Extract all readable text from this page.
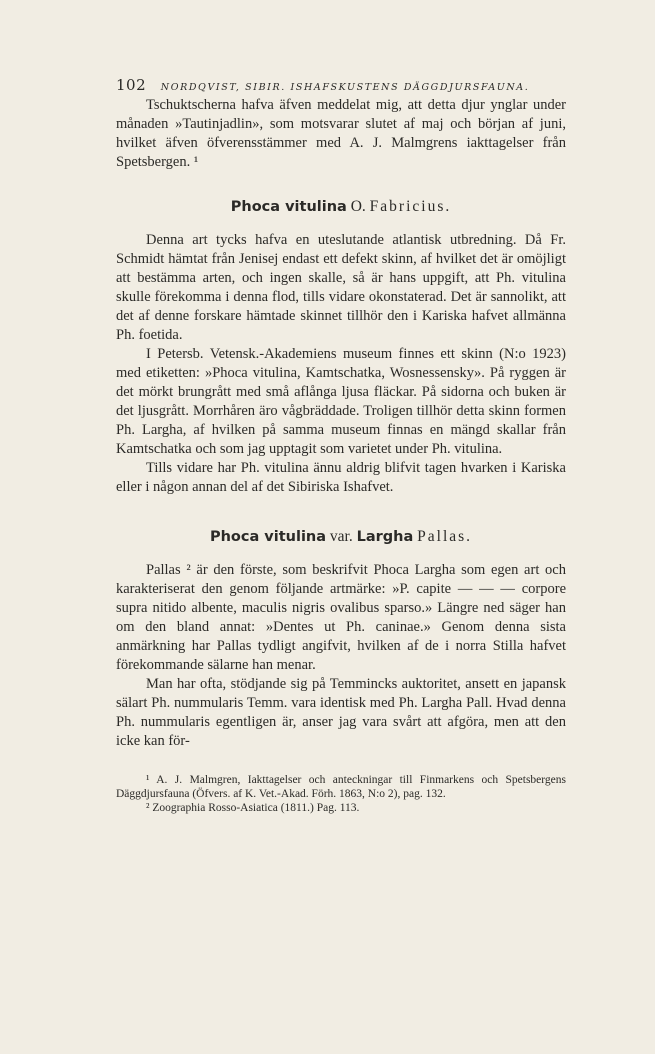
102 NORDQVIST, SIBIR. ISHAFSKUSTENS DÄGGDJURSFAUNA.

Tschuktscherna hafva äfven meddelat mig, att detta djur ynglar under månaden »Tautinjadlin», som motsvarar slutet af maj och början af juni, hvilket äfven öfverensstämmer med A. J. Malmgrens iakttagelser från Spetsbergen. ¹

Phoca vitulina O. Fabricius.

Denna art tycks hafva en uteslutande atlantisk utbredning. Då Fr. Schmidt hämtat från Jenisej endast ett defekt skinn, af hvilket det är omöjligt att bestämma arten, och ingen skalle, så är hans uppgift, att Ph. vitulina skulle förekomma i denna flod, tills vidare okonstaterad. Det är sannolikt, att det af denne forskare hämtade skinnet tillhör den i Kariska hafvet allmänna Ph. foetida.

I Petersb. Vetensk.-Akademiens museum finnes ett skinn (N:o 1923) med etiketten: »Phoca vitulina, Kamtschatka, Wosnessensky». På ryggen är det mörkt brungrått med små aflånga ljusa fläckar. På sidorna och buken är det ljusgrått. Morrhåren äro vågbräddade. Troligen tillhör detta skinn formen Ph. Largha, af hvilken på samma museum finnas en mängd skallar från Kamtschatka och som jag upptagit som varietet under Ph. vitulina.

Tills vidare har Ph. vitulina ännu aldrig blifvit tagen hvarken i Kariska eller i någon annan del af det Sibiriska Ishafvet.

Phoca vitulina var. Largha Pallas.

Pallas ² är den förste, som beskrifvit Phoca Largha som egen art och karakteriserat den genom följande artmärke: »P. capite — — — corpore supra nitido albente, maculis nigris ovalibus sparso.» Längre ned säger han om den bland annat: »Dentes ut Ph. caninae.» Genom denna sista anmärkning har Pallas tydligt angifvit, hvilken af de i norra Stilla hafvet förekommande sälarne han menar.

Man har ofta, stödjande sig på Temmincks auktoritet, ansett en japansk sälart Ph. nummularis Temm. vara identisk med Ph. Largha Pall. Hvad denna Ph. nummularis egentligen är, anser jag vara svårt att afgöra, men att den icke kan för-

¹ A. J. Malmgren, Iakttagelser och anteckningar till Finmarkens och Spetsbergens Däggdjursfauna (Öfvers. af K. Vet.-Akad. Förh. 1863, N:o 2), pag. 132.

² Zoographia Rosso-Asiatica (1811.) Pag. 113.
